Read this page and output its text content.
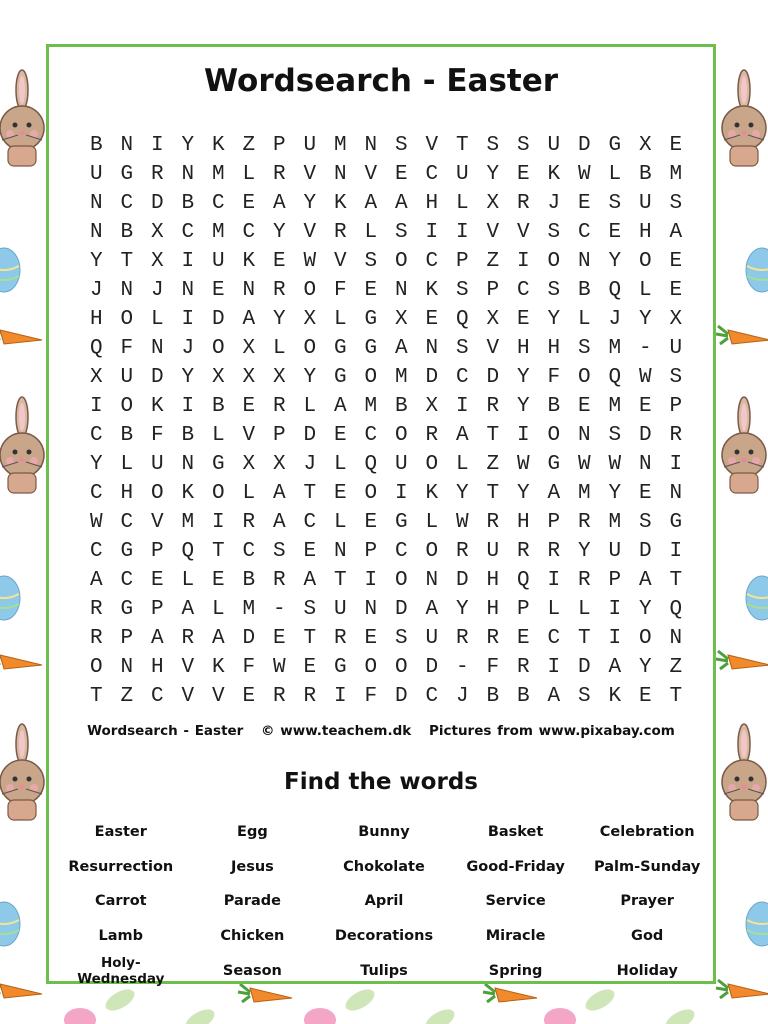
Wordsearch - Easter
B N I Y K Z P U M N S V T S S U D G X E
U G R N M L R V N V E C U Y E K W L B M
N C D B C E A Y K A A H L X R J E S U S
N B X C M C Y V R L S I I V V S C E H A
Y T X I U K E W V S O C P Z I O N Y O E
J N J N E N R O F E N K S P C S B Q L E
H O L I D A Y X L G X E Q X E Y L J Y X
Q F N J O X L O G G A N S V H H S M - U
X U D Y X X X Y G O M D C D Y F O Q W S
I O K I B E R L A M B X I R Y B E M E P
C B F B L V P D E C O R A T I O N S D R
Y L U N G X X J L Q U O L Z W G W W N I
C H O K O L A T E O I K Y T Y A M Y E N
W C V M I R A C L E G L W R H P R M S G
C G P Q T C S E N P C O R U R R Y U D I
A C E L E B R A T I O N D H Q I R P A T
R G P A L M - S U N D A Y H P L L I Y Q
R P A R A D E T R E S U R R E C T I O N
O N H V K F W E G O O D - F R I D A Y Z
T Z C V V E R R I F D C J B B A S K E T
Wordsearch - Easter © www.teachem.dk Pictures from www.pixabay.com
Find the words
Easter	Egg	Bunny	Basket	Celebration
Resurrection	Jesus	Chokolate	Good-Friday	Palm-Sunday
Carrot	Parade	April	Service	Prayer
Lamb	Chicken	Decorations	Miracle	God
Holy-
Wednesday	Season	Tulips	Spring	Holiday
